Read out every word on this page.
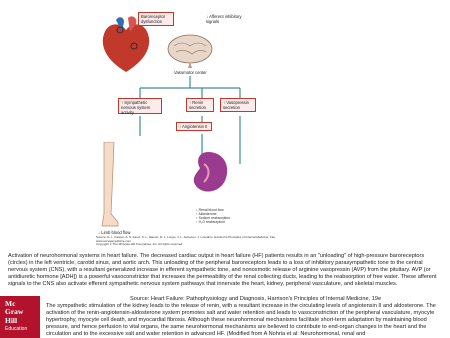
Baroreceptor dysfunction
↓ Afferent inhibitory signals
Vasomotor center
↑ Sympathetic nervous system activity
↑ Renin secretion
↑ Vasopressin secretion
↑ Angiotensin II
↓ Limb blood flow
↓ Renal blood flow
↑ Aldosterone
↑ Sodium reabsorption
↑ H₂O reabsorption
Source: G. L. Kasper, A. S. Fauci, S. L. Hauser, D. L. Longo, J. L. Jameson, J. Loscalzo: Harrison's Principles of Internal Medicine, 19e
www.accessmedicine.com
Copyright © The McGraw-Hill Companies, Inc. All rights reserved.
Activation of neurohormonal systems in heart failure. The decreased cardiac output in heart failure (HF) patients results in an "unloading" of high-pressure baroreceptors (circles) in the left ventricle, carotid sinus, and aortic arch. This unloading of the peripheral baroreceptors leads to a loss of inhibitory parasympathetic tone to the central nervous system (CNS), with a resultant generalized increase in efferent sympathetic tone, and nonosmotic release of arginine vasopressin (AVP) from the pituitary. AVP (or antidiuretic hormone [ADH]) is a powerful vasoconstrictor that increases the permeability of the renal collecting ducts, leading to the reabsorption of free water. These afferent signals to the CNS also activate efferent sympathetic nervous system pathways that innervate the heart, kidney, peripheral vasculature, and skeletal muscles.
The sympathetic stimulation of the kidney leads to the release of renin, with a resultant increase in the circulating levels of angiotensin II and aldosterone. The activation of the renin-angiotensin-aldosterone system promotes salt and water retention and leads to vasoconstriction of the peripheral vasculature, myocyte hypertrophy, myocyte cell death, and myocardial fibrosis. Although these neurohormonal mechanisms facilitate short-term adaptation by maintaining blood pressure, and hence perfusion to vital organs, the same neurohormonal mechanisms are believed to contribute to end-organ changes in the heart and the circulation and to the excessive salt and water retention in advanced HF. (Modified from A Nohria et al: Neurohormonal, renal and
Mc
Graw
Hill
Education
Source: Heart Failure: Pathophysiology and Diagnosis, Harrison's Principles of Internal Medicine, 19e
